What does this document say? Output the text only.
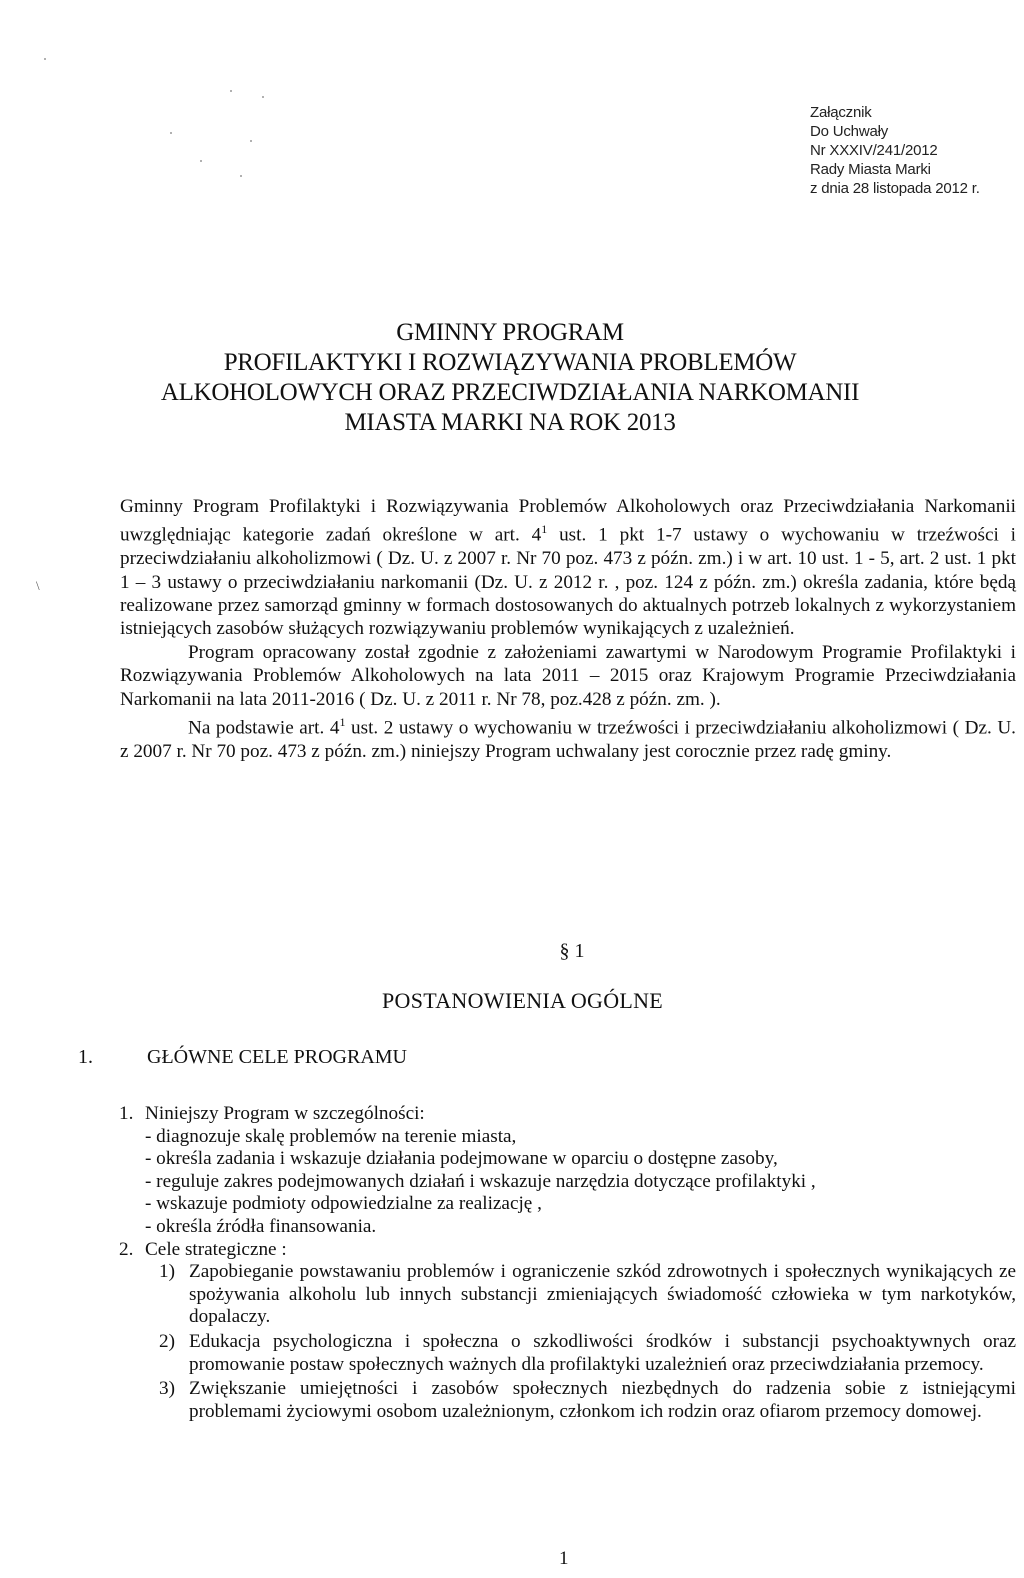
\
Załącznik
Do Uchwały
Nr XXXIV/241/2012
Rady Miasta Marki
z dnia 28 listopada 2012 r.
GMINNY PROGRAM
PROFILAKTYKI I ROZWIĄZYWANIA PROBLEMÓW
ALKOHOLOWYCH ORAZ PRZECIWDZIAŁANIA NARKOMANII
MIASTA MARKI NA ROK 2013

Gminny Program Profilaktyki i Rozwiązywania Problemów Alkoholowych oraz Przeciwdziałania Narkomanii uwzględniając kategorie zadań określone w art. $4^1$ ust. 1 pkt 1-7 ustawy o wychowaniu w trzeźwości i przeciwdziałaniu alkoholizmowi ( Dz. U. z 2007 r. Nr 70 poz. 473 z późn. zm.) i w art. 10 ust. 1 - 5, art. 2 ust. 1 pkt 1 – 3 ustawy o przeciwdziałaniu narkomanii (Dz. U. z 2012 r. , poz. 124 z późn. zm.) określa zadania, które będą realizowane przez samorząd gminny w formach dostosowanych do aktualnych potrzeb lokalnych z wykorzystaniem istniejących zasobów służących rozwiązywaniu problemów wynikających z uzależnień.

Program opracowany został zgodnie z założeniami zawartymi w Narodowym Programie Profilaktyki i Rozwiązywania Problemów Alkoholowych na lata 2011 – 2015 oraz Krajowym Programie Przeciwdziałania Narkomanii na lata 2011-2016 ( Dz. U. z 2011 r. Nr 78, poz.428 z późn. zm. ).

Na podstawie art. $4^1$ ust. 2 ustawy o wychowaniu w trzeźwości i przeciwdziałaniu alkoholizmowi ( Dz. U. z 2007 r. Nr 70 poz. 473 z późn. zm.) niniejszy Program uchwalany jest corocznie przez radę gminy.

§ 1
POSTANOWIENIA OGÓLNE
1.	GŁÓWNE CELE PROGRAMU
1. Niniejszy Program w szczególności:
- diagnozuje skalę problemów na terenie miasta,
- określa zadania i wskazuje działania podejmowane w oparciu o dostępne zasoby,
- reguluje zakres podejmowanych działań i wskazuje narzędzia dotyczące profilaktyki ,
- wskazuje podmioty odpowiedzialne za realizację ,
- określa źródła finansowania.
2. Cele strategiczne :
1) Zapobieganie powstawaniu problemów i ograniczenie szkód zdrowotnych i społecznych wynikających ze spożywania alkoholu lub innych substancji zmieniających świadomość człowieka w tym narkotyków, dopalaczy.
2) Edukacja psychologiczna i społeczna o szkodliwości środków i substancji psychoaktywnych oraz promowanie postaw społecznych ważnych dla profilaktyki uzależnień oraz przeciwdziałania przemocy.
3) Zwiększanie umiejętności i zasobów społecznych niezbędnych do radzenia sobie z istniejącymi problemami życiowymi osobom uzależnionym, członkom ich rodzin oraz ofiarom przemocy domowej.
1
